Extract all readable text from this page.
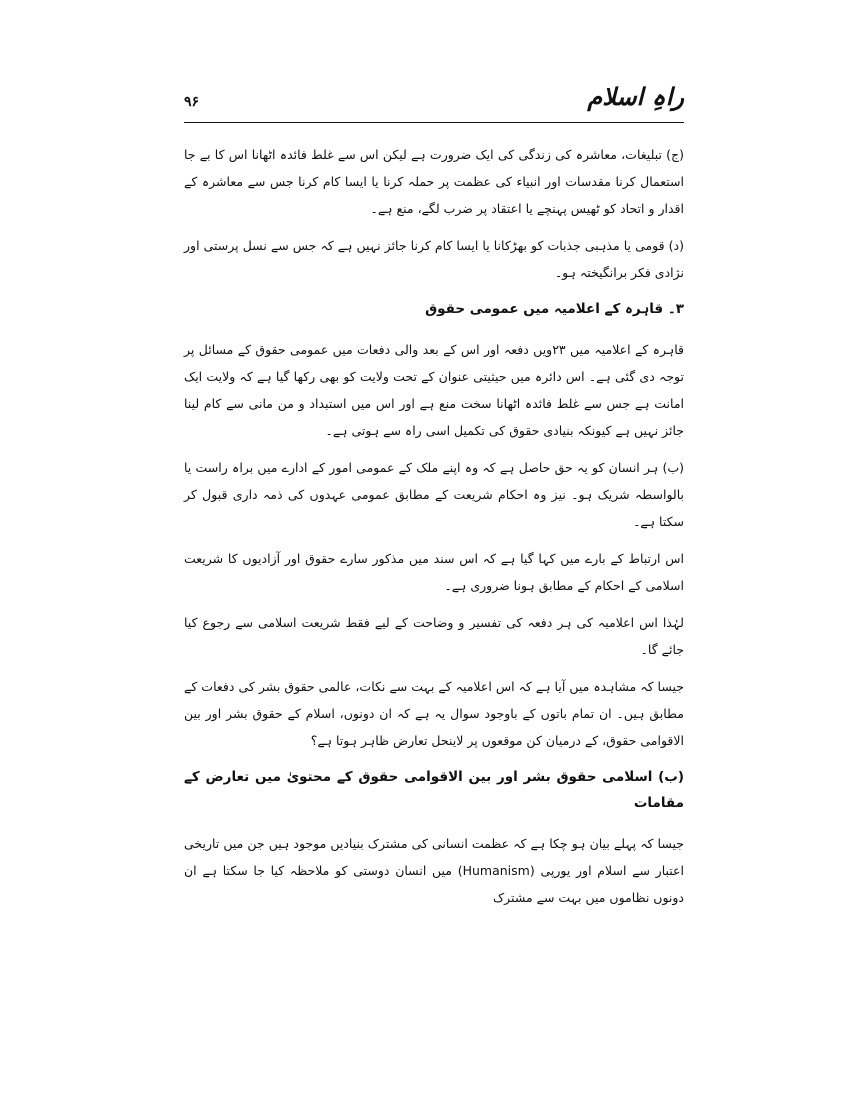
راہِ اسلام
۹۶

(ج) تبلیغات، معاشرہ کی زندگی کی ایک ضرورت ہے لیکن اس سے غلط فائدہ اٹھانا اس کا بے جا استعمال کرنا مقدسات اور انبیاء کی عظمت پر حملہ کرنا یا ایسا کام کرنا جس سے معاشرہ کے اقدار و اتحاد کو ٹھیس پہنچے یا اعتقاد پر ضرب لگے، منع ہے۔

(د) قومی یا مذہبی جذبات کو بھڑکانا یا ایسا کام کرنا جائز نہیں ہے کہ جس سے نسل پرستی اور نژادی فکر برانگیختہ ہو۔

۳۔ قاہرہ کے اعلامیہ میں عمومی حقوق

قاہرہ کے اعلامیہ میں ۲۳ویں دفعہ اور اس کے بعد والی دفعات میں عمومی حقوق کے مسائل پر توجہ دی گئی ہے۔ اس دائرہ میں حیثیتی عنوان کے تحت ولایت کو بھی رکھا گیا ہے کہ ولایت ایک امانت ہے جس سے غلط فائدہ اٹھانا سخت منع ہے اور اس میں استبداد و من مانی سے کام لینا جائز نہیں ہے کیونکہ بنیادی حقوق کی تکمیل اسی راہ سے ہوتی ہے۔

(ب) ہر انسان کو یہ حق حاصل ہے کہ وہ اپنے ملک کے عمومی امور کے ادارے میں براہ راست یا بالواسطہ شریک ہو۔ نیز وہ احکام شریعت کے مطابق عمومی عہدوں کی ذمہ داری قبول کر سکتا ہے۔

اس ارتباط کے بارے میں کہا گیا ہے کہ اس سند میں مذکور سارے حقوق اور آزادیوں کا شریعت اسلامی کے احکام کے مطابق ہونا ضروری ہے۔

لہٰذا اس اعلامیہ کی ہر دفعہ کی تفسیر و وضاحت کے لیے فقط شریعت اسلامی سے رجوع کیا جائے گا۔

جیسا کہ مشاہدہ میں آیا ہے کہ اس اعلامیہ کے بہت سے نکات، عالمی حقوق بشر کی دفعات کے مطابق ہیں۔ ان تمام باتوں کے باوجود سوال یہ ہے کہ ان دونوں، اسلام کے حقوق بشر اور بین الاقوامی حقوق، کے درمیان کن موقعوں پر لاینحل تعارض ظاہر ہوتا ہے؟

(ب) اسلامی حقوق بشر اور بین الاقوامی حقوق کے محتویٰ میں تعارض کے مقامات

جیسا کہ پہلے بیان ہو چکا ہے کہ عظمت انسانی کی مشترک بنیادیں موجود ہیں جن میں تاریخی اعتبار سے اسلام اور یورپی (Humanism) میں انسان دوستی کو ملاحظہ کیا جا سکتا ہے ان دونوں نظاموں میں بہت سے مشترک
